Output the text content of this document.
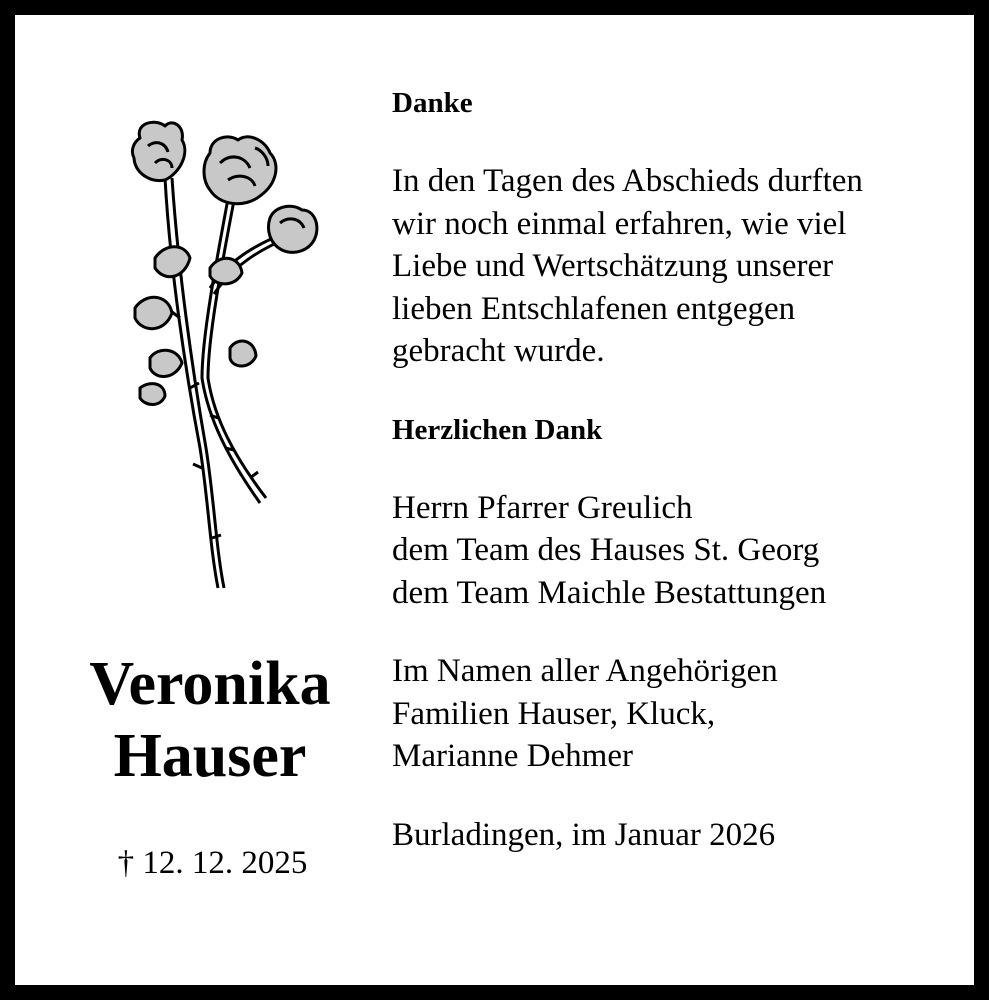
Veronika
Hauser
† 12. 12. 2025

Danke

In den Tagen des Abschieds durften

wir noch einmal erfahren, wie viel

Liebe und Wertschätzung unserer

lieben Entschlafenen entgegen

gebracht wurde.

Herzlichen Dank

Herrn Pfarrer Greulich

dem Team des Hauses St. Georg

dem Team Maichle Bestattungen

Im Namen aller Angehörigen

Familien Hauser, Kluck,

Marianne Dehmer

Burladingen, im Januar 2026
